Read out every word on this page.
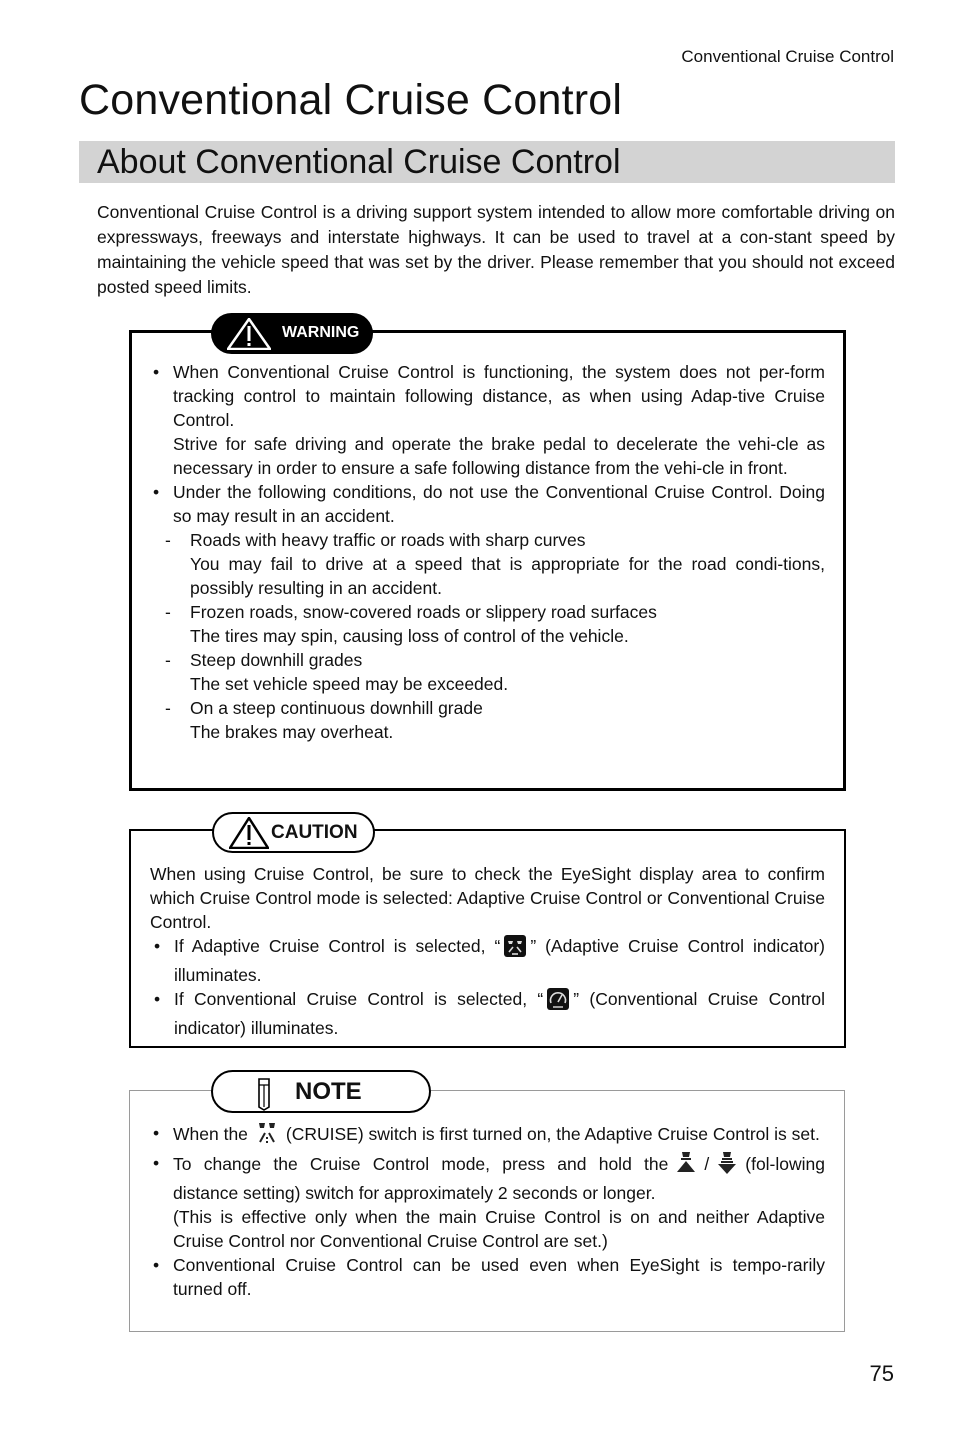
Conventional Cruise Control
Conventional Cruise Control
About Conventional Cruise Control

Conventional Cruise Control is a driving support system intended to allow more comfortable driving on expressways, freeways and interstate highways. It can be used to travel at a con-stant speed by maintaining the vehicle speed that was set by the driver. Please remember that you should not exceed posted speed limits.

WARNING
• When Conventional Cruise Control is functioning, the system does not per-form tracking control to maintain following distance, as when using Adap-tive Cruise Control.
Strive for safe driving and operate the brake pedal to decelerate the vehi-cle as necessary in order to ensure a safe following distance from the vehi-cle in front.
• Under the following conditions, do not use the Conventional Cruise Control. Doing so may result in an accident.
- Roads with heavy traffic or roads with sharp curves
You may fail to drive at a speed that is appropriate for the road condi-tions, possibly resulting in an accident.
- Frozen roads, snow-covered roads or slippery road surfaces
The tires may spin, causing loss of control of the vehicle.
- Steep downhill grades
The set vehicle speed may be exceeded.
- On a steep continuous downhill grade
The brakes may overheat.
CAUTION
When using Cruise Control, be sure to check the EyeSight display area to confirm which Cruise Control mode is selected: Adaptive Cruise Control or Conventional Cruise Control.
• If Adaptive Cruise Control is selected, “ ” (Adaptive Cruise Control indicator) illuminates.
• If Conventional Cruise Control is selected, “ ” (Conventional Cruise Control indicator) illuminates.
NOTE
• When the (CRUISE) switch is first turned on, the Adaptive Cruise Control is set.
• To change the Cruise Control mode, press and hold the / (fol-lowing distance setting) switch for approximately 2 seconds or longer.
(This is effective only when the main Cruise Control is on and neither Adaptive Cruise Control nor Conventional Cruise Control are set.)
• Conventional Cruise Control can be used even when EyeSight is tempo-rarily turned off.
75
